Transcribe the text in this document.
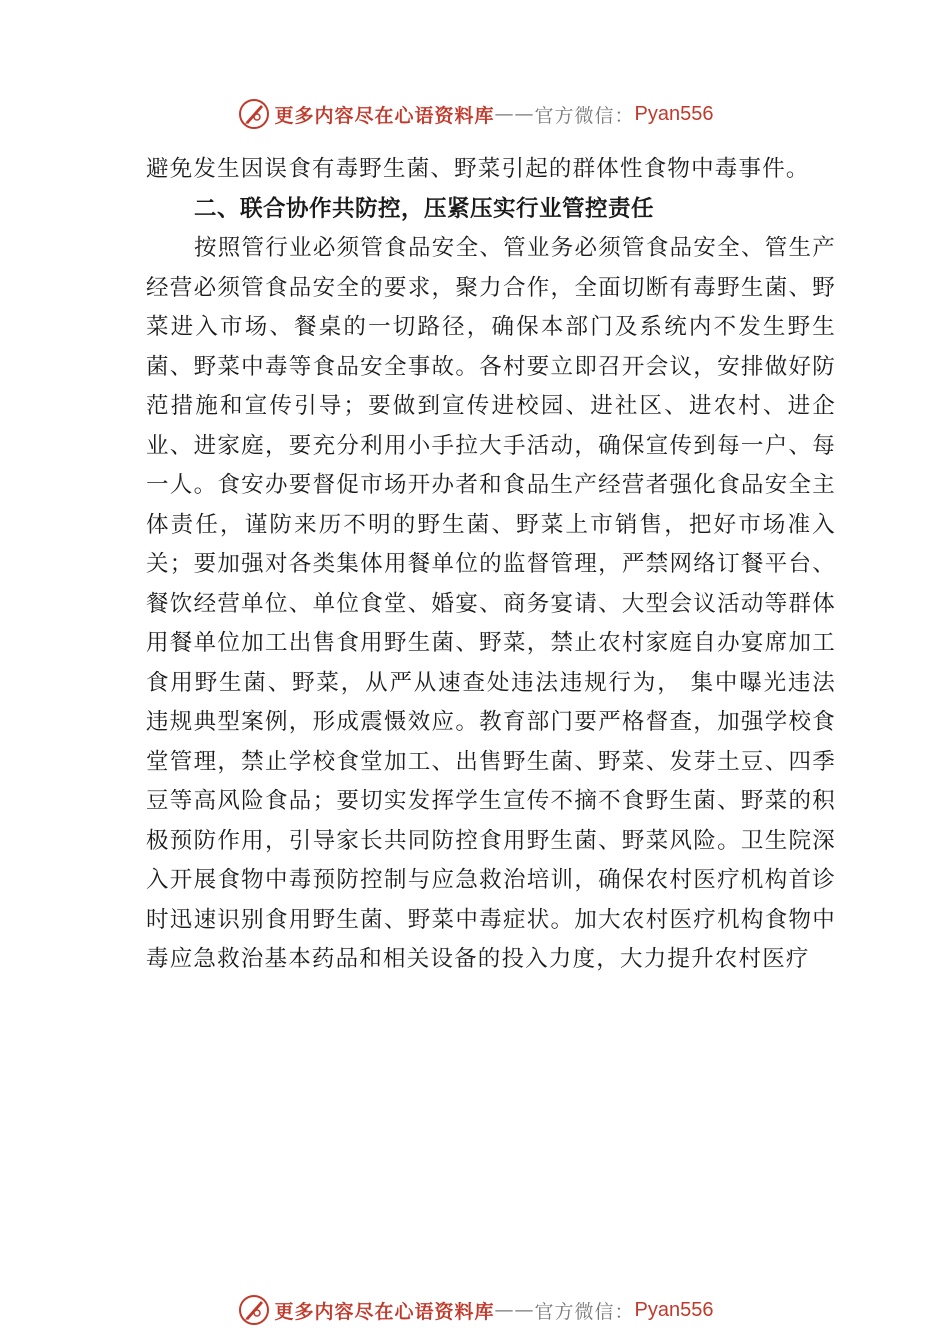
更多内容尽在心语资料库 —— 官方微信： Pyan556

避免发生因误食有毒野生菌、野菜引起的群体性食物中毒事件。

二、联合协作共防控，压紧压实行业管控责任

按照管行业必须管食品安全、管业务必须管食品安全、管生产经营必须管食品安全的要求，聚力合作，全面切断有毒野生菌、野菜进入市场、餐桌的一切路径，确保本部门及系统内不发生野生菌、野菜中毒等食品安全事故。各村要立即召开会议，安排做好防范措施和宣传引导；要做到宣传进校园、进社区、进农村、进企业、进家庭，要充分利用小手拉大手活动，确保宣传到每一户、每一人。食安办要督促市场开办者和食品生产经营者强化食品安全主体责任，谨防来历不明的野生菌、野菜上市销售，把好市场准入关；要加强对各类集体用餐单位的监督管理，严禁网络订餐平台、餐饮经营单位、单位食堂、婚宴、商务宴请、大型会议活动等群体用餐单位加工出售食用野生菌、野菜，禁止农村家庭自办宴席加工食用野生菌、野菜，从严从速查处违法违规行为， 集中曝光违法违规典型案例，形成震慑效应。教育部门要严格督查，加强学校食堂管理，禁止学校食堂加工、出售野生菌、野菜、发芽土豆、四季豆等高风险食品；要切实发挥学生宣传不摘不食野生菌、野菜的积极预防作用，引导家长共同防控食用野生菌、野菜风险。卫生院深入开展食物中毒预防控制与应急救治培训，确保农村医疗机构首诊时迅速识别食用野生菌、野菜中毒症状。加大农村医疗机构食物中毒应急救治基本药品和相关设备的投入力度，大力提升农村医疗

更多内容尽在心语资料库 —— 官方微信： Pyan556
